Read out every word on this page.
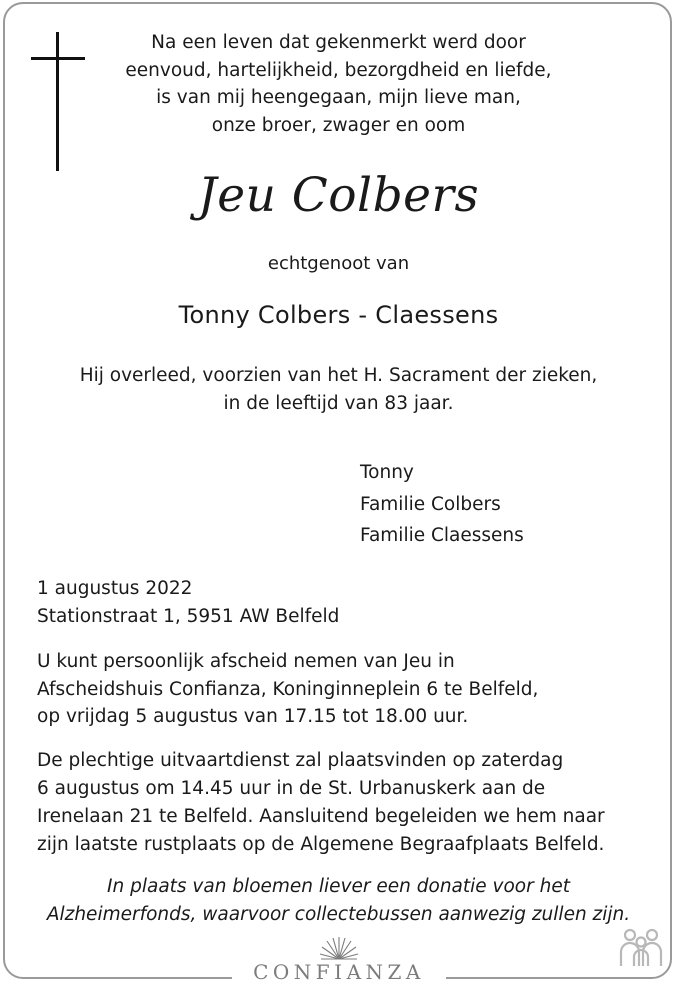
Na een leven dat gekenmerkt werd door
eenvoud, hartelijkheid, bezorgdheid en liefde,
is van mij heengegaan, mijn lieve man,
onze broer, zwager en oom
Jeu Colbers
echtgenoot van
Tonny Colbers - Claessens
Hij overleed, voorzien van het H. Sacrament der zieken,
in de leeftijd van 83 jaar.
Tonny
Familie Colbers
Familie Claessens
1 augustus 2022
Stationstraat 1, 5951 AW Belfeld
U kunt persoonlijk afscheid nemen van Jeu in
Afscheidshuis Confianza, Koninginneplein 6 te Belfeld,
op vrijdag 5 augustus van 17.15 tot 18.00 uur.
De plechtige uitvaartdienst zal plaatsvinden op zaterdag
6 augustus om 14.45 uur in de St. Urbanuskerk aan de
Irenelaan 21 te Belfeld. Aansluitend begeleiden we hem naar
zijn laatste rustplaats op de Algemene Begraafplaats Belfeld.
In plaats van bloemen liever een donatie voor het
Alzheimerfonds, waarvoor collectebussen aanwezig zullen zijn.
CONFIANZA
